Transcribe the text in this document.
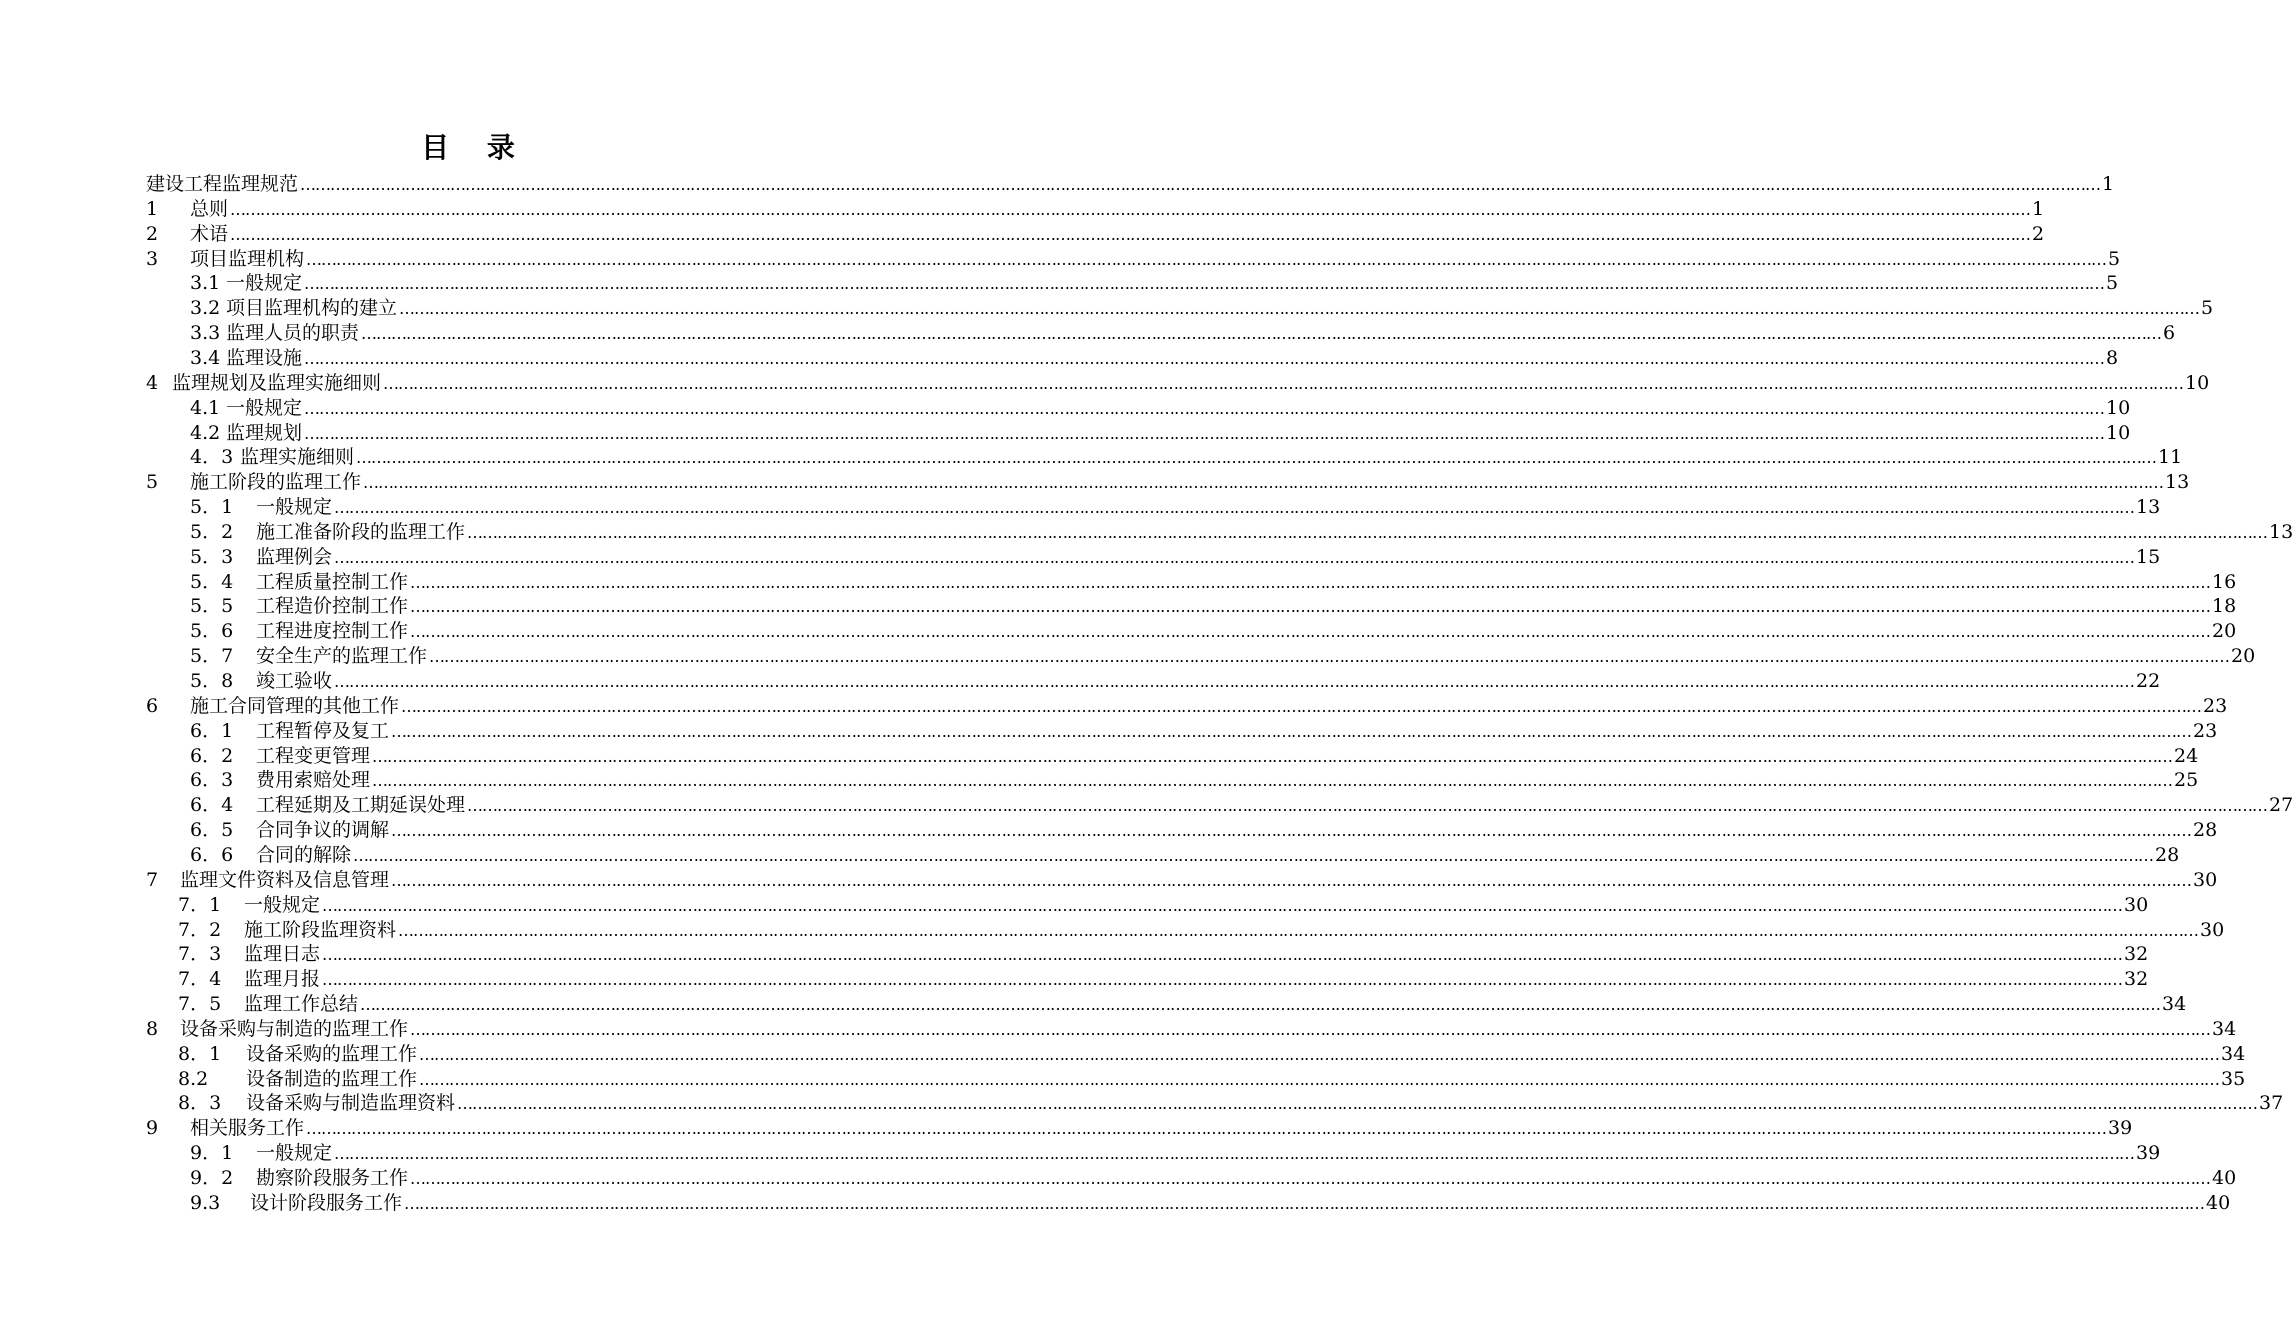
目 录
建设工程监理规范 ……………………………………………………………………………………………………………………………………………………………………………………………………………………………………………………………………………………………………………………………… 1
1	总则 ……………………………………………………………………………………………………………………………………………………………………………………………………………………………………………………………………………………………………………………………… 1
2	术语 ……………………………………………………………………………………………………………………………………………………………………………………………………………………………………………………………………………………………………………………………… 2
3	项目监理机构 ……………………………………………………………………………………………………………………………………………………………………………………………………………………………………………………………………………………………………………………………… 5
3.1 一般规定 ……………………………………………………………………………………………………………………………………………………………………………………………………………………………………………………………………………………………………………………………… 5
3.2 项目监理机构的建立 ……………………………………………………………………………………………………………………………………………………………………………………………………………………………………………………………………………………………………………………………… 5
3.3 监理人员的职责 ……………………………………………………………………………………………………………………………………………………………………………………………………………………………………………………………………………………………………………………………… 6
3.4 监理设施 ……………………………………………………………………………………………………………………………………………………………………………………………………………………………………………………………………………………………………………………………… 8
4 监理规划及监理实施细则 ……………………………………………………………………………………………………………………………………………………………………………………………………………………………………………………………………………………………………………………………… 10
4.1 一般规定 ……………………………………………………………………………………………………………………………………………………………………………………………………………………………………………………………………………………………………………………………… 10
4.2 监理规划 ……………………………………………………………………………………………………………………………………………………………………………………………………………………………………………………………………………………………………………………………… 10
4．3 监理实施细则 ……………………………………………………………………………………………………………………………………………………………………………………………………………………………………………………………………………………………………………………………… 11
5	施工阶段的监理工作 ……………………………………………………………………………………………………………………………………………………………………………………………………………………………………………………………………………………………………………………………… 13
5．1	一般规定 ……………………………………………………………………………………………………………………………………………………………………………………………………………………………………………………………………………………………………………………………… 13
5．2	施工准备阶段的监理工作 ……………………………………………………………………………………………………………………………………………………………………………………………………………………………………………………………………………………………………………………………… 13
5．3	监理例会 ……………………………………………………………………………………………………………………………………………………………………………………………………………………………………………………………………………………………………………………………… 15
5．4	工程质量控制工作 ……………………………………………………………………………………………………………………………………………………………………………………………………………………………………………………………………………………………………………………………… 16
5．5	工程造价控制工作 ……………………………………………………………………………………………………………………………………………………………………………………………………………………………………………………………………………………………………………………………… 18
5．6	工程进度控制工作 ……………………………………………………………………………………………………………………………………………………………………………………………………………………………………………………………………………………………………………………………… 20
5．7	安全生产的监理工作 ……………………………………………………………………………………………………………………………………………………………………………………………………………………………………………………………………………………………………………………………… 20
5．8	竣工验收 ……………………………………………………………………………………………………………………………………………………………………………………………………………………………………………………………………………………………………………………………… 22
6	施工合同管理的其他工作 ……………………………………………………………………………………………………………………………………………………………………………………………………………………………………………………………………………………………………………………………… 23
6．1	工程暂停及复工 ……………………………………………………………………………………………………………………………………………………………………………………………………………………………………………………………………………………………………………………………… 23
6．2	工程变更管理 ……………………………………………………………………………………………………………………………………………………………………………………………………………………………………………………………………………………………………………………………… 24
6．3	费用索赔处理 ……………………………………………………………………………………………………………………………………………………………………………………………………………………………………………………………………………………………………………………………… 25
6．4	工程延期及工期延误处理 ……………………………………………………………………………………………………………………………………………………………………………………………………………………………………………………………………………………………………………………………… 27
6．5	合同争议的调解 ……………………………………………………………………………………………………………………………………………………………………………………………………………………………………………………………………………………………………………………………… 28
6．6	合同的解除 ……………………………………………………………………………………………………………………………………………………………………………………………………………………………………………………………………………………………………………………………… 28
7	监理文件资料及信息管理 ……………………………………………………………………………………………………………………………………………………………………………………………………………………………………………………………………………………………………………………………… 30
7．1	一般规定 ……………………………………………………………………………………………………………………………………………………………………………………………………………………………………………………………………………………………………………………………… 30
7．2	施工阶段监理资料 ……………………………………………………………………………………………………………………………………………………………………………………………………………………………………………………………………………………………………………………………… 30
7．3	监理日志 ……………………………………………………………………………………………………………………………………………………………………………………………………………………………………………………………………………………………………………………………… 32
7．4	监理月报 ……………………………………………………………………………………………………………………………………………………………………………………………………………………………………………………………………………………………………………………………… 32
7．5	监理工作总结 ……………………………………………………………………………………………………………………………………………………………………………………………………………………………………………………………………………………………………………………………… 34
8	设备采购与制造的监理工作 ……………………………………………………………………………………………………………………………………………………………………………………………………………………………………………………………………………………………………………………………… 34
8．1	设备采购的监理工作 ……………………………………………………………………………………………………………………………………………………………………………………………………………………………………………………………………………………………………………………………… 34
8.2	设备制造的监理工作 ……………………………………………………………………………………………………………………………………………………………………………………………………………………………………………………………………………………………………………………………… 35
8．3	设备采购与制造监理资料 ……………………………………………………………………………………………………………………………………………………………………………………………………………………………………………………………………………………………………………………………… 37
9	相关服务工作 ……………………………………………………………………………………………………………………………………………………………………………………………………………………………………………………………………………………………………………………………… 39
9．1	一般规定 ……………………………………………………………………………………………………………………………………………………………………………………………………………………………………………………………………………………………………………………………… 39
9．2	勘察阶段服务工作 ……………………………………………………………………………………………………………………………………………………………………………………………………………………………………………………………………………………………………………………………… 40
9.3	设计阶段服务工作 ……………………………………………………………………………………………………………………………………………………………………………………………………………………………………………………………………………………………………………………………… 40
